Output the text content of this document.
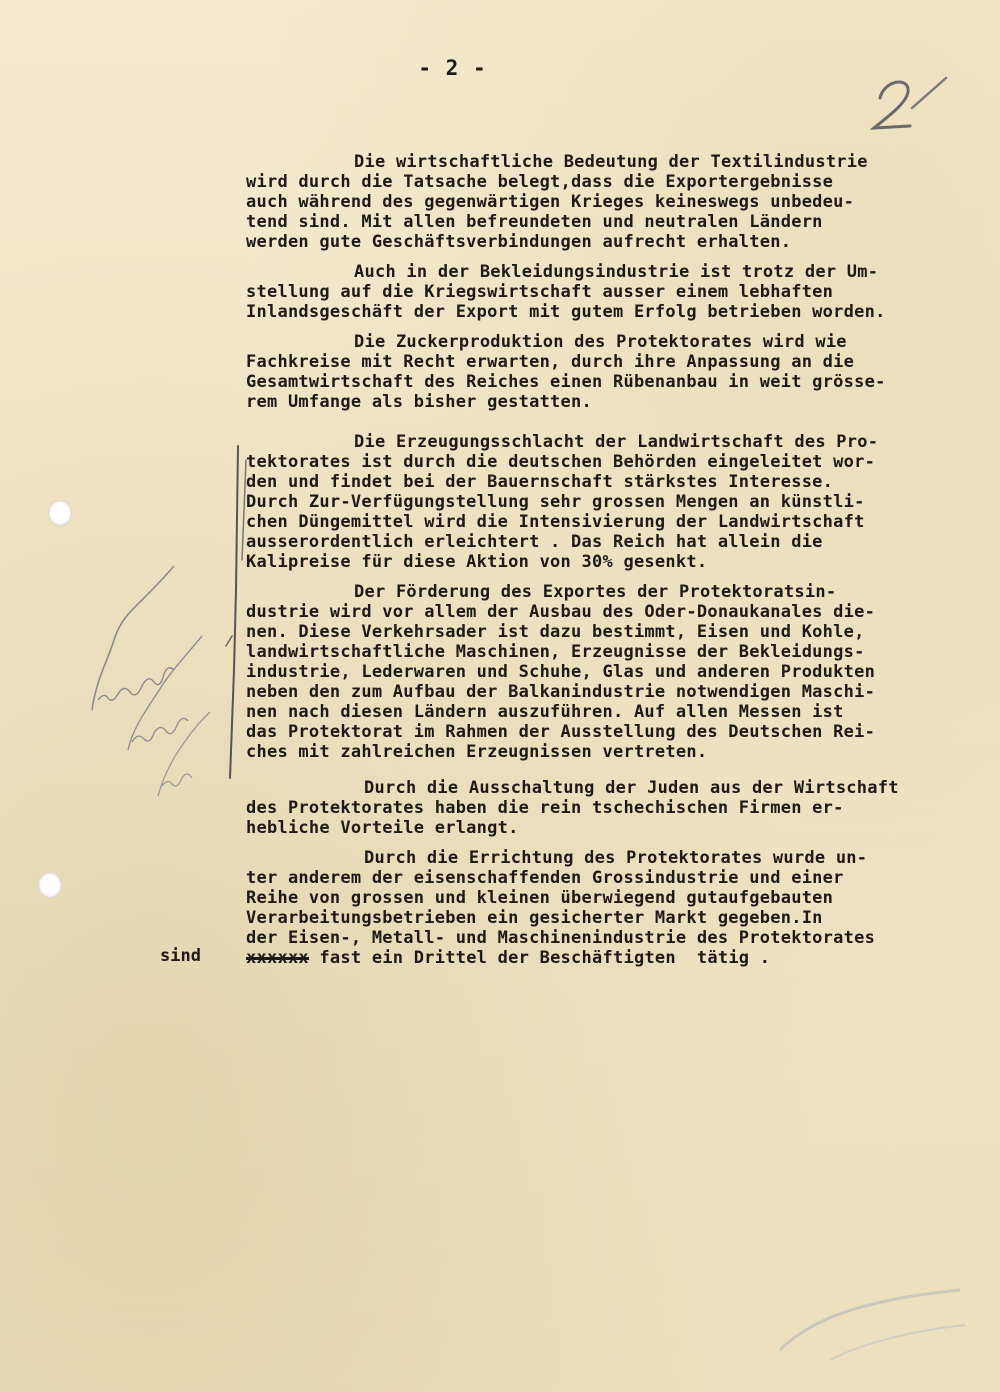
- 2 -
Die wirtschaftliche Bedeutung der Textilindustrie
wird durch die Tatsache belegt,dass die Exportergebnisse
auch während des gegenwärtigen Krieges keineswegs unbedeu-
tend sind. Mit allen befreundeten und neutralen Ländern
werden gute Geschäftsverbindungen aufrecht erhalten.
Auch in der Bekleidungsindustrie ist trotz der Um-
stellung auf die Kriegswirtschaft ausser einem lebhaften
Inlandsgeschäft der Export mit gutem Erfolg betrieben worden.
Die Zuckerproduktion des Protektorates wird wie
Fachkreise mit Recht erwarten, durch ihre Anpassung an die
Gesamtwirtschaft des Reiches einen Rübenanbau in weit grösse-
rem Umfange als bisher gestatten.
Die Erzeugungsschlacht der Landwirtschaft des Pro-
tektorates ist durch die deutschen Behörden eingeleitet wor-
den und findet bei der Bauernschaft stärkstes Interesse.
Durch Zur-Verfügungstellung sehr grossen Mengen an künstli-
chen Düngemittel wird die Intensivierung der Landwirtschaft
ausserordentlich erleichtert . Das Reich hat allein die
Kalipreise für diese Aktion von 30% gesenkt.
Der Förderung des Exportes der Protektoratsin-
dustrie wird vor allem der Ausbau des Oder-Donaukanales die-
nen. Diese Verkehrsader ist dazu bestimmt, Eisen und Kohle,
landwirtschaftliche Maschinen, Erzeugnisse der Bekleidungs-
industrie, Lederwaren und Schuhe, Glas und anderen Produkten
neben den zum Aufbau der Balkanindustrie notwendigen Maschi-
nen nach diesen Ländern auszuführen. Auf allen Messen ist
das Protektorat im Rahmen der Ausstellung des Deutschen Rei-
ches mit zahlreichen Erzeugnissen vertreten.
Durch die Ausschaltung der Juden aus der Wirtschaft
des Protektorates haben die rein tschechischen Firmen er-
hebliche Vorteile erlangt.
Durch die Errichtung des Protektorates wurde un-
ter anderem der eisenschaffenden Grossindustrie und einer
Reihe von grossen und kleinen überwiegend gutaufgebauten
Verarbeitungsbetrieben ein gesicherter Markt gegeben.In
der Eisen-, Metall- und Maschinenindustrie des Protektorates
xxxxxx fast ein Drittel der Beschäftigten  tätig .
sind
